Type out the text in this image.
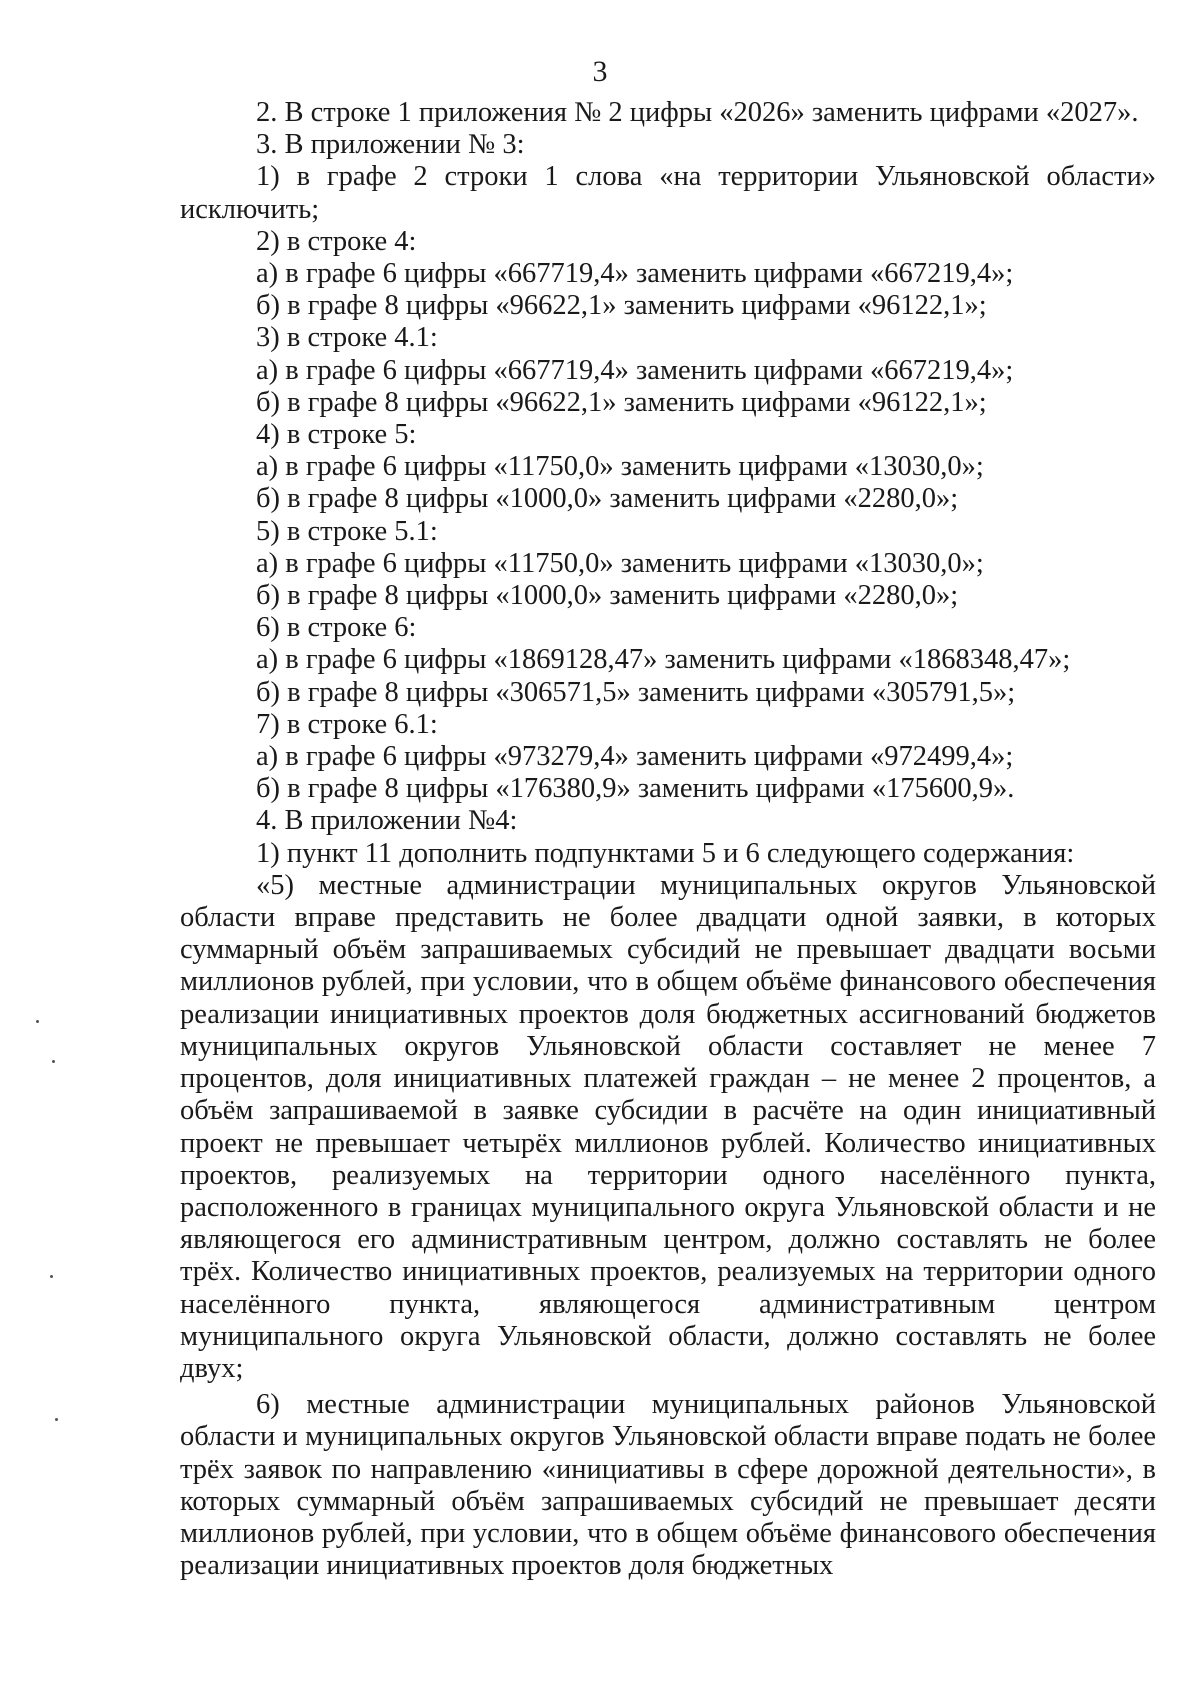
3

2. В строке 1 приложения № 2 цифры «2026» заменить цифрами «2027».

3. В приложении № 3:

1) в графе 2 строки 1 слова «на территории Ульяновской области» исключить;

2) в строке 4:

а) в графе 6 цифры «667719,4» заменить цифрами «667219,4»;

б) в графе 8 цифры «96622,1» заменить цифрами «96122,1»;

3) в строке 4.1:

а) в графе 6 цифры «667719,4» заменить цифрами «667219,4»;

б) в графе 8 цифры «96622,1» заменить цифрами «96122,1»;

4) в строке 5:

а) в графе 6 цифры «11750,0» заменить цифрами «13030,0»;

б) в графе 8 цифры «1000,0» заменить цифрами «2280,0»;

5) в строке 5.1:

а) в графе 6 цифры «11750,0» заменить цифрами «13030,0»;

б) в графе 8 цифры «1000,0» заменить цифрами «2280,0»;

6) в строке 6:

а) в графе 6 цифры «1869128,47» заменить цифрами «1868348,47»;

б) в графе 8 цифры «306571,5» заменить цифрами «305791,5»;

7) в строке 6.1:

а) в графе 6 цифры «973279,4» заменить цифрами «972499,4»;

б) в графе 8 цифры «176380,9» заменить цифрами «175600,9».

4. В приложении №4:

1) пункт 11 дополнить подпунктами 5 и 6 следующего содержания:

«5) местные администрации муниципальных округов Ульяновской области вправе представить не более двадцати одной заявки, в которых суммарный объём запрашиваемых субсидий не превышает двадцати восьми миллионов рублей, при условии, что в общем объёме финансового обеспечения реализации инициативных проектов доля бюджетных ассигнований бюджетов муниципальных округов Ульяновской области составляет не менее 7 процентов, доля инициативных платежей граждан – не менее 2 процентов, а объём запрашиваемой в заявке субсидии в расчёте на один инициативный проект не превышает четырёх миллионов рублей. Количество инициативных проектов, реализуемых на территории одного населённого пункта, расположенного в границах муниципального округа Ульяновской области и не являющегося его административным центром, должно составлять не более трёх. Количество инициативных проектов, реализуемых на территории одного населённого пункта, являющегося административным центром муниципального округа Ульяновской области, должно составлять не более двух;

6) местные администрации муниципальных районов Ульяновской области и муниципальных округов Ульяновской области вправе подать не более трёх заявок по направлению «инициативы в сфере дорожной деятельности», в которых суммарный объём запрашиваемых субсидий не превышает десяти миллионов рублей, при условии, что в общем объёме финансового обеспечения реализации инициативных проектов доля бюджетных
